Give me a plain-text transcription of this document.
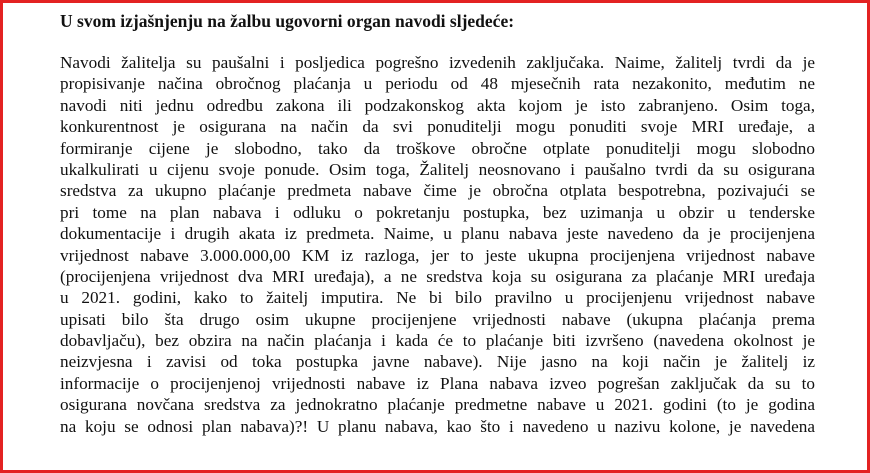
U svom izjašnjenju na žalbu ugovorni organ navodi sljedeće:
Navodi žalitelja su paušalni i posljedica pogrešno izvedenih zaključaka. Naime, žalitelj tvrdi da je
propisivanje načina obročnog plaćanja u periodu od 48 mjesečnih rata nezakonito, međutim ne
navodi niti jednu odredbu zakona ili podzakonskog akta kojom je isto zabranjeno. Osim toga,
konkurentnost je osigurana na način da svi ponuditelji mogu ponuditi svoje MRI uređaje, a
formiranje cijene je slobodno, tako da troškove obročne otplate ponuditelji mogu slobodno
ukalkulirati u cijenu svoje ponude. Osim toga, Žalitelj neosnovano i paušalno tvrdi da su osigurana
sredstva za ukupno plaćanje predmeta nabave čime je obročna otplata bespotrebna, pozivajući se
pri tome na plan nabava i odluku o pokretanju postupka, bez uzimanja u obzir u tenderske
dokumentacije i drugih akata iz predmeta. Naime, u planu nabava jeste navedeno da je procijenjena
vrijednost nabave 3.000.000,00 KM iz razloga, jer to jeste ukupna procijenjena vrijednost nabave
(procijenjena vrijednost dva MRI uređaja), a ne sredstva koja su osigurana za plaćanje MRI uređaja
u 2021. godini, kako to žaitelj imputira. Ne bi bilo pravilno u procijenjenu vrijednost nabave
upisati bilo šta drugo osim ukupne procijenjene vrijednosti nabave (ukupna plaćanja prema
dobavljaču), bez obzira na način plaćanja i kada će to plaćanje biti izvršeno (navedena okolnost je
neizvjesna i zavisi od toka postupka javne nabave). Nije jasno na koji način je žalitelj iz
informacije o procijenjenoj vrijednosti nabave iz Plana nabava izveo pogrešan zaključak da su to
osigurana novčana sredstva za jednokratno plaćanje predmetne nabave u 2021. godini (to je godina
na koju se odnosi plan nabava)?! U planu nabava, kao što i navedeno u nazivu kolone, je navedena
